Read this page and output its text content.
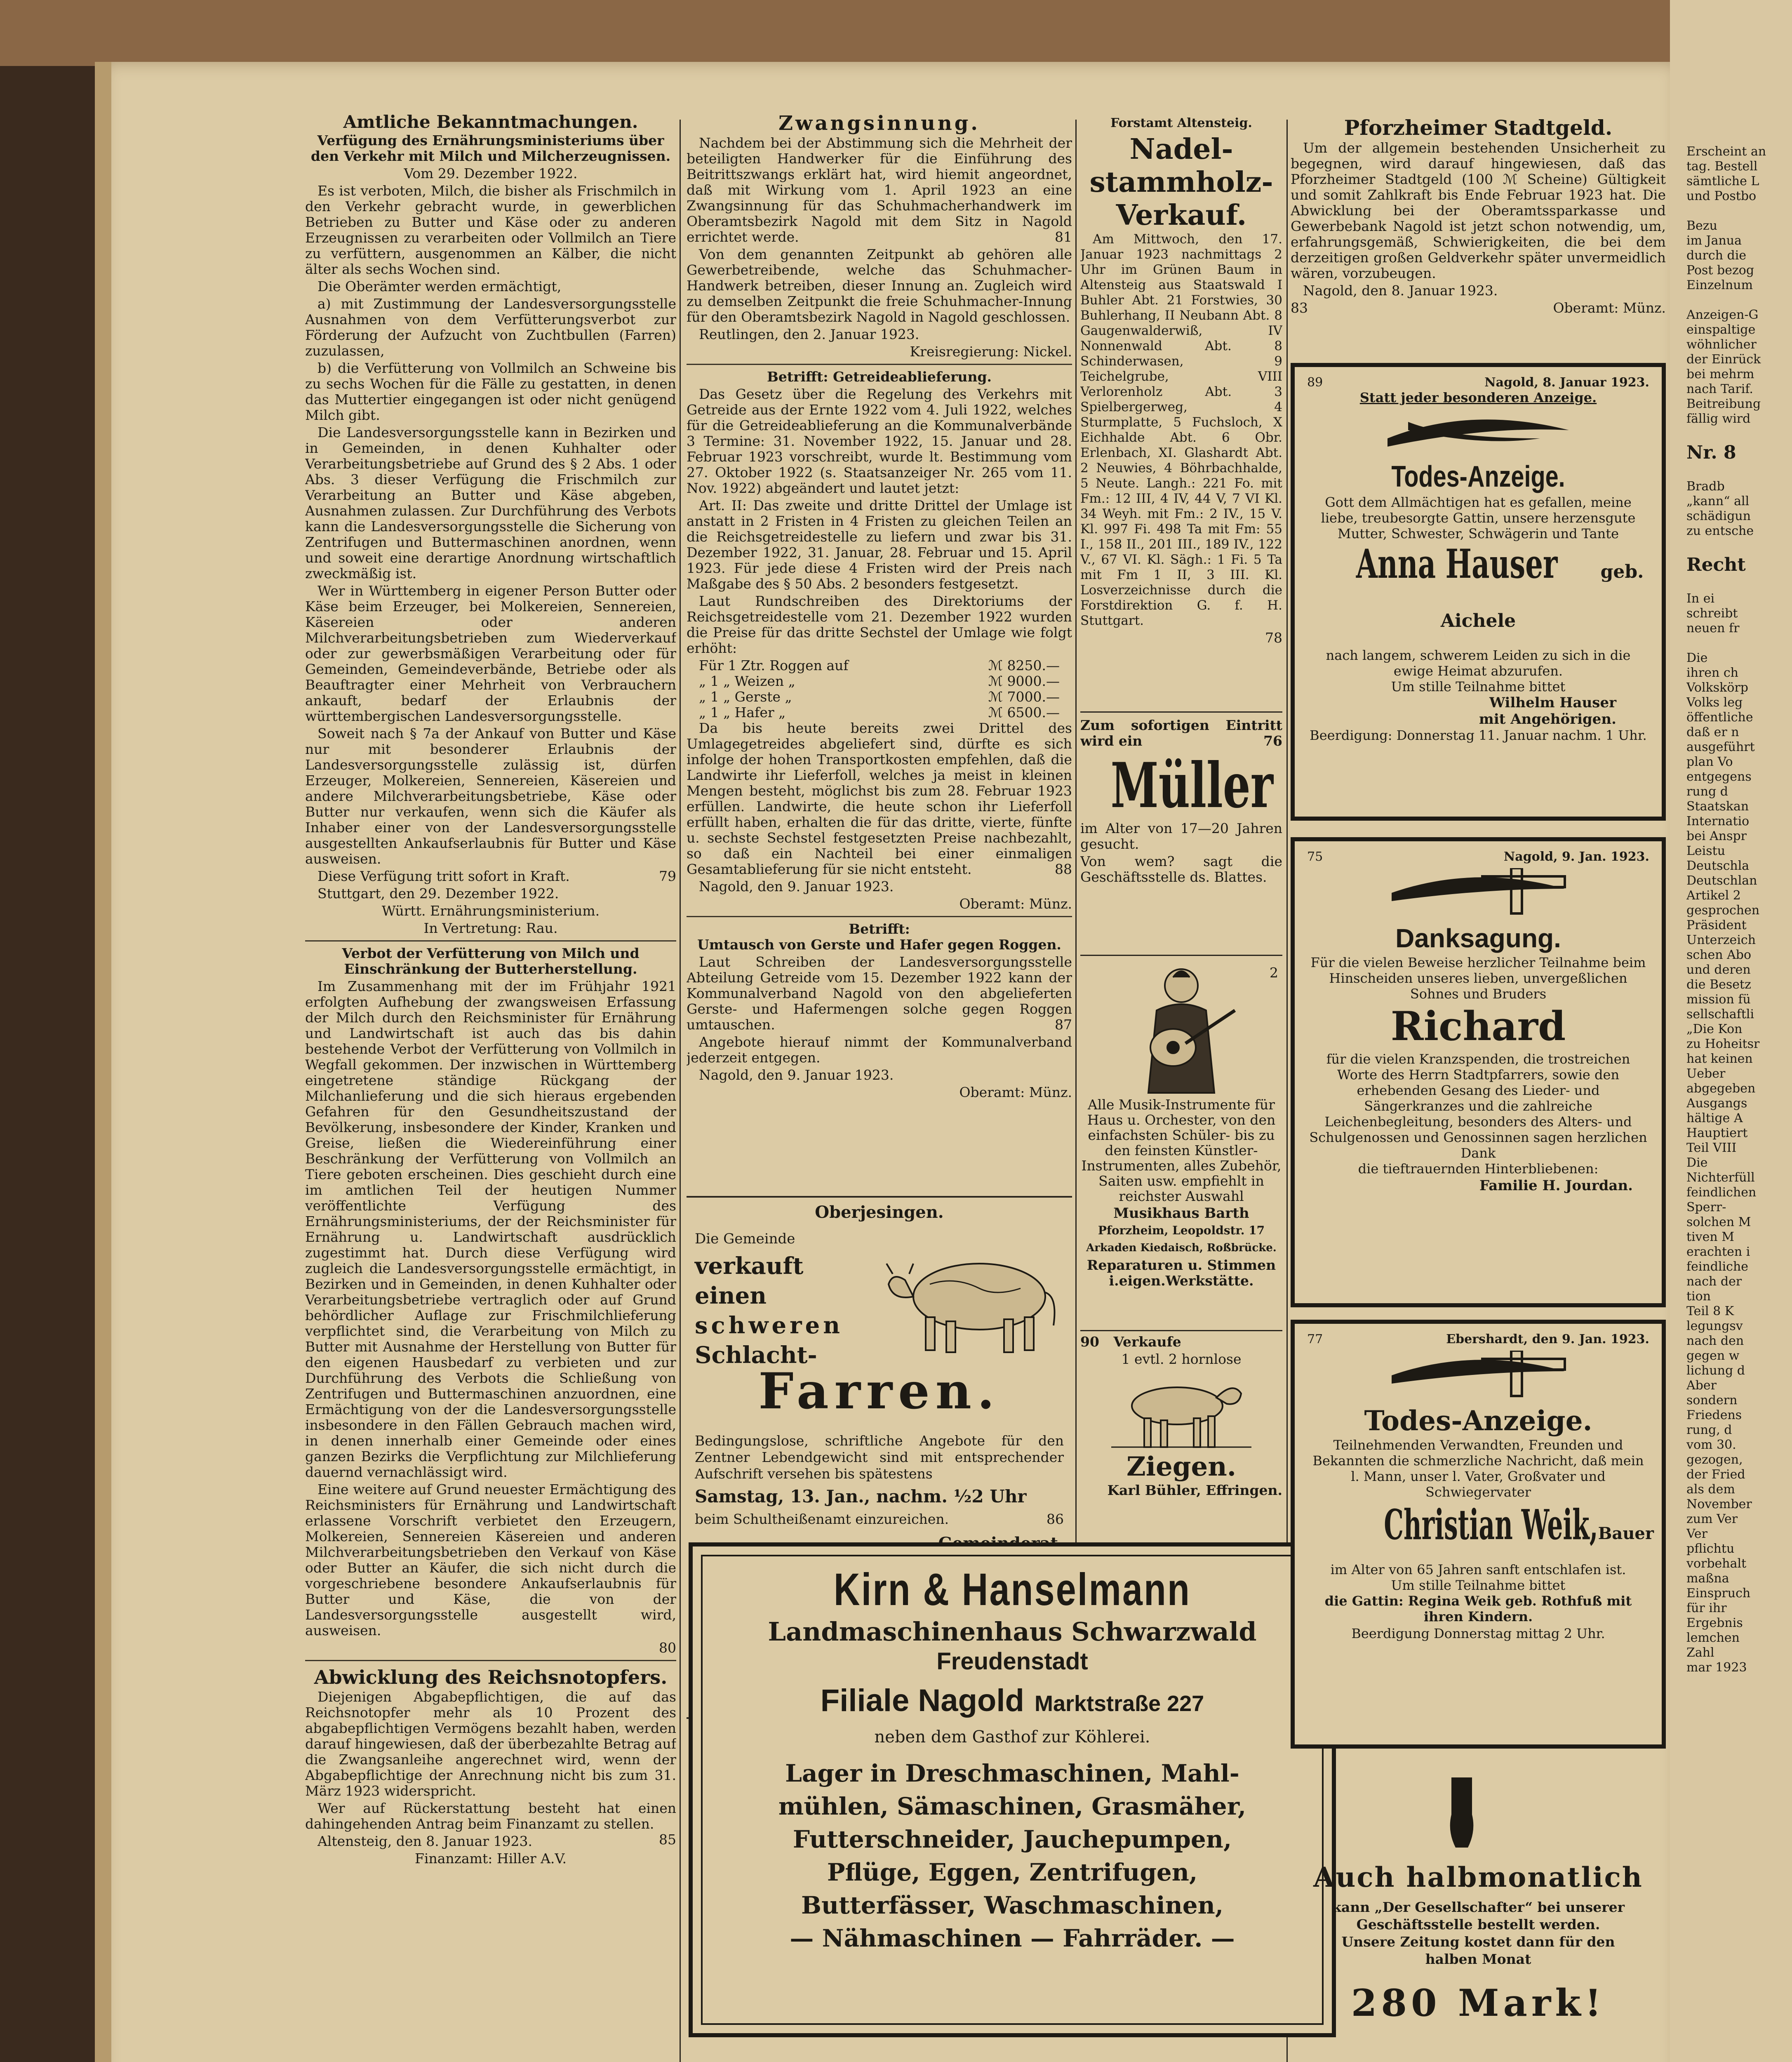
Amtliche Bekanntmachungen.

Verfügung des Ernährungsministeriums über den Verkehr mit Milch und Milcherzeugnissen.

Vom 29. Dezember 1922.

Es ist verboten, Milch, die bisher als Frischmilch in den Verkehr gebracht wurde, in gewerblichen Betrieben zu Butter und Käse oder zu anderen Erzeugnissen zu verarbeiten oder Vollmilch an Tiere zu verfüttern, ausgenommen an Kälber, die nicht älter als sechs Wochen sind.

Die Oberämter werden ermächtigt,

a) mit Zustimmung der Landesversorgungsstelle Ausnahmen von dem Verfütterungsverbot zur Förderung der Aufzucht von Zuchtbullen (Farren) zuzulassen,

b) die Verfütterung von Vollmilch an Schweine bis zu sechs Wochen für die Fälle zu gestatten, in denen das Muttertier eingegangen ist oder nicht genügend Milch gibt.

Die Landesversorgungsstelle kann in Bezirken und in Gemeinden, in denen Kuhhalter oder Verarbeitungsbetriebe auf Grund des § 2 Abs. 1 oder Abs. 3 dieser Verfügung die Frischmilch zur Verarbeitung an Butter und Käse abgeben, Ausnahmen zulassen. Zur Durchführung des Verbots kann die Landesversorgungsstelle die Sicherung von Zentrifugen und Buttermaschinen anordnen, wenn und soweit eine derartige Anordnung wirtschaftlich zweckmäßig ist.

Wer in Württemberg in eigener Person Butter oder Käse beim Erzeuger, bei Molkereien, Sennereien, Käsereien oder anderen Milchverarbeitungsbetrieben zum Wiederverkauf oder zur gewerbsmäßigen Verarbeitung oder für Gemeinden, Gemeindeverbände, Betriebe oder als Beauftragter einer Mehrheit von Verbrauchern ankauft, bedarf der Erlaubnis der württembergischen Landesversorgungsstelle.

Soweit nach § 7a der Ankauf von Butter und Käse nur mit besonderer Erlaubnis der Landesversorgungsstelle zulässig ist, dürfen Erzeuger, Molkereien, Sennereien, Käsereien und andere Milchverarbeitungsbetriebe, Käse oder Butter nur verkaufen, wenn sich die Käufer als Inhaber einer von der Landesversorgungsstelle ausgestellten Ankaufserlaubnis für Butter und Käse ausweisen.

Diese Verfügung tritt sofort in Kraft.	79

Stuttgart, den 29. Dezember 1922.

Württ. Ernährungsministerium.

In Vertretung: Rau.

Verbot der Verfütterung von Milch und Einschränkung der Butterherstellung.

Im Zusammenhang mit der im Frühjahr 1921 erfolgten Aufhebung der zwangsweisen Erfassung der Milch durch den Reichsminister für Ernährung und Landwirtschaft ist auch das bis dahin bestehende Verbot der Verfütterung von Vollmilch in Wegfall gekommen. Der inzwischen in Württemberg eingetretene ständige Rückgang der Milchanlieferung und die sich hieraus ergebenden Gefahren für den Gesundheitszustand der Bevölkerung, insbesondere der Kinder, Kranken und Greise, ließen die Wiedereinführung einer Beschränkung der Verfütterung von Vollmilch an Tiere geboten erscheinen. Dies geschieht durch eine im amtlichen Teil der heutigen Nummer veröffentlichte Verfügung des Ernährungsministeriums, der der Reichsminister für Ernährung u. Landwirtschaft ausdrücklich zugestimmt hat. Durch diese Verfügung wird zugleich die Landesversorgungsstelle ermächtigt, in Bezirken und in Gemeinden, in denen Kuhhalter oder Verarbeitungsbetriebe vertraglich oder auf Grund behördlicher Auflage zur Frischmilchlieferung verpflichtet sind, die Verarbeitung von Milch zu Butter mit Ausnahme der Herstellung von Butter für den eigenen Hausbedarf zu verbieten und zur Durchführung des Verbots die Schließung von Zentrifugen und Buttermaschinen anzuordnen, eine Ermächtigung von der die Landesversorgungsstelle insbesondere in den Fällen Gebrauch machen wird, in denen innerhalb einer Gemeinde oder eines ganzen Bezirks die Verpflichtung zur Milchlieferung dauernd vernachlässigt wird.

Eine weitere auf Grund neuester Ermächtigung des Reichsministers für Ernährung und Landwirtschaft erlassene Vorschrift verbietet den Erzeugern, Molkereien, Sennereien Käsereien und anderen Milchverarbeitungsbetrieben den Verkauf von Käse oder Butter an Käufer, die sich nicht durch die vorgeschriebene besondere Ankaufserlaubnis für Butter und Käse, die von der Landesversorgungsstelle ausgestellt wird, ausweisen.

80

Abwicklung des Reichsnotopfers.

Diejenigen Abgabepflichtigen, die auf das Reichsnotopfer mehr als 10 Prozent des abgabepflichtigen Vermögens bezahlt haben, werden darauf hingewiesen, daß der überbezahlte Betrag auf die Zwangsanleihe angerechnet wird, wenn der Abgabepflichtige der Anrechnung nicht bis zum 31. März 1923 widerspricht.

Wer auf Rückerstattung besteht hat einen dahingehenden Antrag beim Finanzamt zu stellen.
85

Altensteig, den 8. Januar 1923.

Finanzamt: Hiller A.V.

Zwangsinnung.

Nachdem bei der Abstimmung sich die Mehrheit der beteiligten Handwerker für die Einführung des Beitrittszwangs erklärt hat, wird hiemit angeordnet, daß mit Wirkung vom 1. April 1923 an eine Zwangsinnung für das Schuhmacherhandwerk im Oberamtsbezirk Nagold mit dem Sitz in Nagold errichtet werde.	81

Von dem genannten Zeitpunkt ab gehören alle Gewerbetreibende, welche das Schuhmacher-Handwerk betreiben, dieser Innung an. Zugleich wird zu demselben Zeitpunkt die freie Schuhmacher-Innung für den Oberamtsbezirk Nagold in Nagold geschlossen.

Reutlingen, den 2. Januar 1923.

Kreisregierung: Nickel.

Betrifft: Getreideablieferung.

Das Gesetz über die Regelung des Verkehrs mit Getreide aus der Ernte 1922 vom 4. Juli 1922, welches für die Getreideablieferung an die Kommunalverbände 3 Termine: 31. November 1922, 15. Januar und 28. Februar 1923 vorschreibt, wurde lt. Bestimmung vom 27. Oktober 1922 (s. Staatsanzeiger Nr. 265 vom 11. Nov. 1922) abgeändert und lautet jetzt:

Art. II: Das zweite und dritte Drittel der Umlage ist anstatt in 2 Fristen in 4 Fristen zu gleichen Teilen an die Reichsgetreidestelle zu liefern und zwar bis 31. Dezember 1922, 31. Januar, 28. Februar und 15. April 1923. Für jede diese 4 Fristen wird der Preis nach Maßgabe des § 50 Abs. 2 besonders festgesetzt.

Laut Rundschreiben des Direktoriums der Reichsgetreidestelle vom 21. Dezember 1922 wurden die Preise für das dritte Sechstel der Umlage wie folgt erhöht:

Für 1 Ztr. Roggen auf	ℳ 8250.—
„ 1 „ Weizen „	ℳ 9000.—
„ 1 „ Gerste „	ℳ 7000.—
„ 1 „ Hafer „	ℳ 6500.—

Da bis heute bereits zwei Drittel des Umlagegetreides abgeliefert sind, dürfte es sich infolge der hohen Transportkosten empfehlen, daß die Landwirte ihr Lieferfoll, welches ja meist in kleinen Mengen besteht, möglichst bis zum 28. Februar 1923 erfüllen. Landwirte, die heute schon ihr Lieferfoll erfüllt haben, erhalten die für das dritte, vierte, fünfte u. sechste Sechstel festgesetzten Preise nachbezahlt, so daß ein Nachteil bei einer einmaligen Gesamtablieferung für sie nicht entsteht.	88

Nagold, den 9. Januar 1923.

Oberamt: Münz.

Betrifft:

Umtausch von Gerste und Hafer gegen Roggen.

Laut Schreiben der Landesversorgungsstelle Abteilung Getreide vom 15. Dezember 1922 kann der Kommunalverband Nagold von den abgelieferten Gerste- und Hafermengen solche gegen Roggen umtauschen.	87

Angebote hierauf nimmt der Kommunalverband jederzeit entgegen.

Nagold, den 9. Januar 1923.

Oberamt: Münz.

Oberjesingen.
Die Gemeinde
verkauft einen
schweren
Schlacht-
Farren.
Bedingungslose, schriftliche Angebote für den Zentner Lebendgewicht sind mit entsprechender Aufschrift versehen bis spätestens
Samstag, 13. Jan., nachm. ½2 Uhr
beim Schultheißenamt einzureichen.	86
Kirn & Hanselmann
Landmaschinenhaus Schwarzwald
Freudenstadt
Filiale Nagold Marktstraße 227
neben dem Gasthof zur Köhlerei.
Lager in Dreschmaschinen, Mahl-
mühlen, Sämaschinen, Grasmäher,
Futterschneider, Jauchepumpen,
Pflüge, Eggen, Zentrifugen,
Butterfässer, Waschmaschinen,
— Nähmaschinen — Fahrräder. —

Forstamt Altensteig.

Nadel-
stammholz-
Verkauf.

Am Mittwoch, den 17. Januar 1923 nachmittags 2 Uhr im Grünen Baum in Altensteig aus Staatswald I Buhler Abt. 21 Forstwies, 30 Buhlerhang, II Neubann Abt. 8 Gaugenwalderwiß, IV Nonnenwald Abt. 8 Schinderwasen, 9 Teichelgrube, VIII Verlorenholz Abt. 3 Spielbergerweg, 4 Sturmplatte, 5 Fuchsloch, X Eichhalde Abt. 6 Obr. Erlenbach, XI. Glashardt Abt. 2 Neuwies, 4 Böhrbachhalde, 5 Neute. Langh.: 221 Fo. mit Fm.: 12 III, 4 IV, 44 V, 7 VI Kl. 34 Weyh. mit Fm.: 2 IV., 15 V. Kl. 997 Fi. 498 Ta mit Fm: 55 I., 158 II., 201 III., 189 IV., 122 V., 67 VI. Kl. Sägh.: 1 Fi. 5 Ta mit Fm 1 II, 3 III. Kl. Losverzeichnisse durch die Forstdirektion G. f. H. Stuttgart.

78

Zum sofortigen Eintritt wird ein	76

Müller

im Alter von 17—20 Jahren gesucht.

Von wem? sagt die Geschäftsstelle ds. Blattes.

2

Alle Musik-Instrumente für Haus u. Orchester, von den einfachsten Schüler- bis zu den feinsten Künstler-Instrumenten, alles Zubehör, Saiten usw. empfiehlt in reichster Auswahl

Musikhaus Barth

Pforzheim, Leopoldstr. 17

Arkaden Kiedaisch, Roßbrücke.

Reparaturen u. Stimmen i.eigen.Werkstätte.

90 Verkaufe

1 evtl. 2 hornlose

Ziegen.

Karl Bühler, Effringen.

Pforzheimer Stadtgeld.

Um der allgemein bestehenden Unsicherheit zu begegnen, wird darauf hingewiesen, daß das Pforzheimer Stadtgeld (100 ℳ Scheine) Gültigkeit und somit Zahlkraft bis Ende Februar 1923 hat. Die Abwicklung bei der Oberamtssparkasse und Gewerbebank Nagold ist jetzt schon notwendig, um, erfahrungsgemäß, Schwierigkeiten, die bei dem derzeitigen großen Geldverkehr später unvermeidlich wären, vorzubeugen.

Nagold, den 8. Januar 1923.

83	Oberamt: Münz.

89	Nagold, 8. Januar 1923.
Statt jeder besonderen Anzeige.
Todes-Anzeige.
Gott dem Allmächtigen hat es gefallen, meine liebe, treubesorgte Gattin, unsere herzensgute Mutter, Schwester, Schwägerin und Tante
Anna Hauser geb. Aichele
nach langem, schwerem Leiden zu sich in die ewige Heimat abzurufen.
Um stille Teilnahme bittet
Wilhelm Hauser
mit Angehörigen.
Beerdigung: Donnerstag 11. Januar nachm. 1 Uhr.
75	Nagold, 9. Jan. 1923.
Danksagung.
Für die vielen Beweise herzlicher Teilnahme beim Hinscheiden unseres lieben, unvergeßlichen Sohnes und Bruders
Richard
für die vielen Kranzspenden, die trostreichen Worte des Herrn Stadtpfarrers, sowie den erhebenden Gesang des Lieder- und Sängerkranzes und die zahlreiche Leichenbegleitung, besonders des Alters- und Schulgenossen und Genossinnen sagen herzlichen Dank
die tieftrauernden Hinterbliebenen:
Familie H. Jourdan.
77	Ebershardt, den 9. Jan. 1923.
Todes-Anzeige.
Teilnehmenden Verwandten, Freunden und Bekannten die schmerzliche Nachricht, daß mein l. Mann, unser l. Vater, Großvater und Schwiegervater
Christian Weik,Bauer
im Alter von 65 Jahren sanft entschlafen ist.
Um stille Teilnahme bittet
die Gattin: Regina Weik geb. Rothfuß mit ihren Kindern.
Beerdigung Donnerstag mittag 2 Uhr.
Auch halbmonatlich
kann „Der Gesellschafter“ bei unserer Geschäftsstelle bestellt werden. Unsere Zeitung kostet dann für den halben Monat
280 Mark!
Erscheint an
tag. Bestell
sämtliche L
und Postbo

Bezu
im Janua
durch die
Post bezog
Einzelnum

Anzeigen-G
einspaltige
wöhnlicher
der Einrück
bei mehrm
nach Tarif.
Beitreibung
fällig wird

Nr. 8

Bradb
„kann“ all
schädigun
zu entsche

Recht

In ei
schreibt
neuen fr

Die
ihren ch
Volkskörp
Volks leg
öffentliche
daß er n
ausgeführt
plan Vo
entgegens
rung d
Staatskan
Internatio
bei Anspr
Leistu
Deutschla
Deutschlan
Artikel 2
gesprochen
Präsident
Unterzeich
schen Abo
und deren
die Besetz
mission fü
sellschaftli
„Die Kon
zu Hoheitsr
hat keinen
Ueber
abgegeben
Ausgangs
hältige A
Hauptiert
Teil VIII
Die
Nichterfüll
feindlichen
Sperr-
solchen M
tiven M
erachten i
feindliche
nach der
tion
Teil 8 K
legungsv
nach den
gegen w
lichung d
Aber
sondern
Friedens
rung, d
vom 30.
gezogen,
der Fried
als dem
November
zum Ver
Ver
pflichtu
vorbehalt
maßna
Einspruch
für ihr
Ergebnis
lemchen
Zahl
mar 1923
